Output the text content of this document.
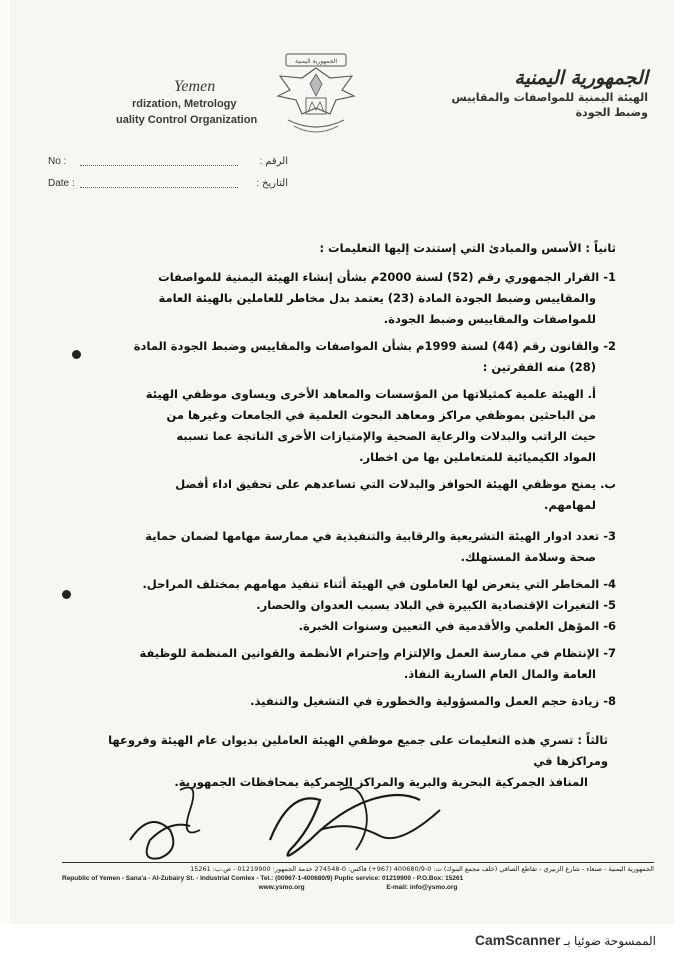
الجمهورية اليمنية
الهيئة اليمنية للمواصفات والمقاييس
وضبط الجودة
الجمهورية اليمنية
Yemen
rdization, Metrology
uality Control Organization
No :	الرقم :
Date :	التاريخ :

ثانياً : الأسس والمبادئ التي إستندت إليها التعليمات :

1- القرار الجمهوري رقم (52) لسنة 2000م بشأن إنشاء الهيئة اليمنية للمواصفات

والمقاييس وضبط الجودة المادة (23) يعتمد بدل مخاطر للعاملين بالهيئة العامة

للمواصفات والمقاييس وضبط الجودة.

2- والقانون رقم (44) لسنة 1999م بشأن المواصفات والمقاييس وضبط الجودة المادة

(28) منه الفقرتين :

أ. الهيئة علمية كمثيلاتها من المؤسسات والمعاهد الأخرى ويساوى موظفي الهيئة

من الباحثين بموظفي مراكز ومعاهد البحوث العلمية في الجامعات وغيرها من

حيث الراتب والبدلات والرعاية الصحية والإمتيازات الأخرى الناتجة عما تسببه

المواد الكيميائية للمتعاملين بها من اخطار.

ب. يمنح موظفي الهيئة الحوافز والبدلات التي تساعدهم على تحقيق اداء أفضل

لمهامهم.

3- تعدد ادوار الهيئة التشريعية والرقابية والتنفيذية في ممارسة مهامها لضمان حماية

صحة وسلامة المستهلك.

4- المخاطر التي يتعرض لها العاملون في الهيئة أثناء تنفيذ مهامهم بمختلف المراحل.

5- التغيرات الإقتصادية الكبيرة في البلاد بسبب العدوان والحصار.

6- المؤهل العلمي والأقدمية في التعيين وسنوات الخبرة.

7- الإنتظام في ممارسة العمل والإلتزام وإحترام الأنظمة والقوانين المنظمة للوظيفة

العامة والمال العام السارية النفاذ.

8- زيادة حجم العمل والمسؤولية والخطورة في التشغيل والتنفيذ.

ثالثاً : تسري هذه التعليمات على جميع موظفي الهيئة العاملين بديوان عام الهيئة وفروعها ومراكزها في

المنافذ الجمركية البحرية والبرية والمراكز الجمركية بمحافظات الجمهورية.

الجمهورية اليمنية - صنعاء - شارع الزبيري - تقاطع الصافي (خلف مجمع البنوك) ت: 0-400680/9 (967+) فاكس: 0-274548 خدمة الجمهور: 01219900 - ص.ب: 15261
Republic of Yemen - Sana'a - Al-Zubairy St. - Industrial Comlex - Tel.: (00967-1-400680/9) Puplic service: 01219900 - P.O.Box: 15261
www.ysmo.org	E-mail: info@ysmo.org
الممسوحة ضوئيا بـ CamScanner
